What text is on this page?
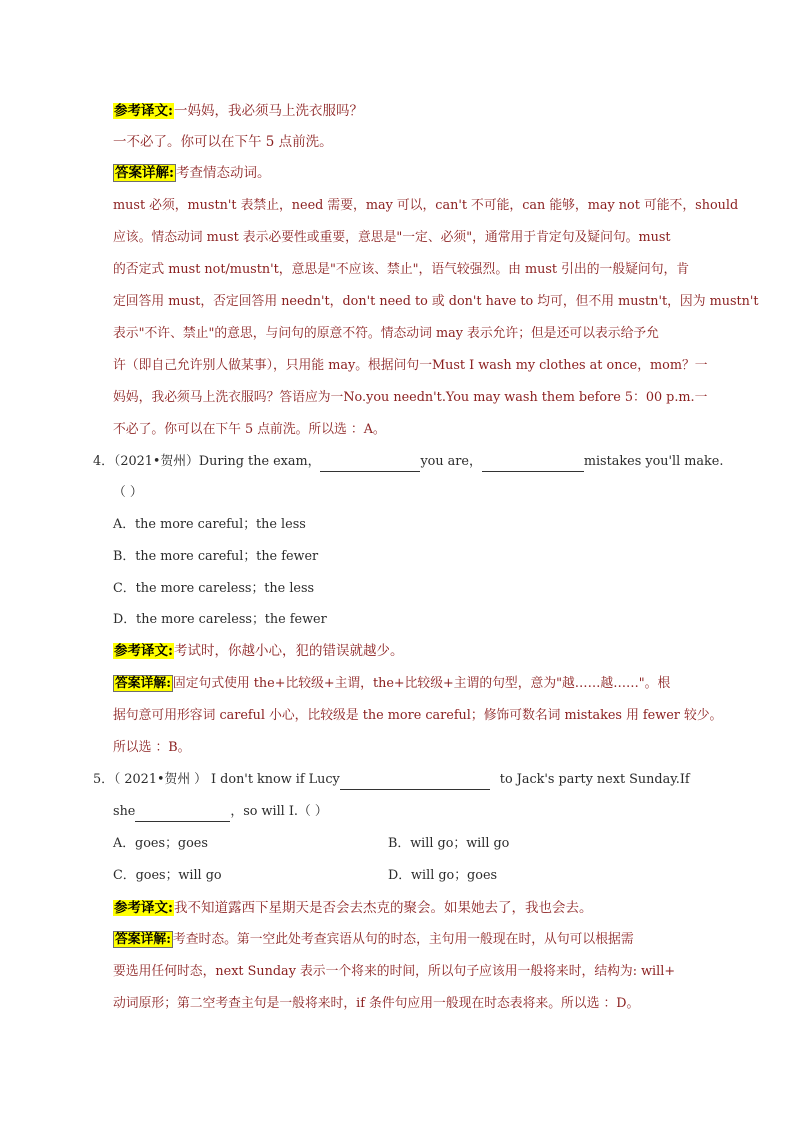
参考译文:一妈妈，我必须马上洗衣服吗？
一不必了。你可以在下午 5 点前洗。
答案详解: 考查情态动词。
must 必须，mustn't 表禁止，need 需要，may 可以，can't 不可能，can 能够，may not 可能不，should
应该。情态动词 must 表示必要性或重要，意思是"一定、必须"，通常用于肯定句及疑问句。must
的否定式 must not/mustn't，意思是"不应该、禁止"，语气较强烈。由 must 引出的一般疑问句，肯
定回答用 must，否定回答用 needn't，don't need to 或 don't have to 均可，但不用 mustn't，因为 mustn't
表示"不许、禁止"的意思，与问句的原意不符。情态动词 may 表示允许；但是还可以表示给予允
许（即自己允许别人做某事），只用能 may。根据问句一Must I wash my clothes at once，mom？一
妈妈，我必须马上洗衣服吗？答语应为一No.you needn't.You may wash them before 5：00 p.m.一
不必了。你可以在下午 5 点前洗。所以选 ：A。
4．（2021•贺州）During the exam，	you are，	mistakes you'll make.
（ ）
A．the more careful；the less
B．the more careful；the fewer
C．the more careless；the less
D．the more careless；the fewer
参考译文:考试时，你越小心，犯的错误就越少。
答案详解: 固定句式使用 the+比较级+主谓，the+比较级+主谓的句型，意为"越……越……"。根
据句意可用形容词 careful 小心，比较级是 the more careful；修饰可数名词 mistakes 用 fewer 较少。
所以选 ：B。
5．（ 2021•贺州 ） I don't know if Lucy	to Jack's party next Sunday.If
she	，so will I.（ ）
A．goes；goes	B．will go；will go
C．goes；will go	D．will go；goes
参考译文:我不知道露西下星期天是否会去杰克的聚会。如果她去了，我也会去。
答案详解: 考查时态。第一空此处考查宾语从句的时态，主句用一般现在时，从句可以根据需
要选用任何时态，next Sunday 表示一个将来的时间，所以句子应该用一般将来时，结构为: will+
动词原形；第二空考查主句是一般将来时，if 条件句应用一般现在时态表将来。所以选 ：D。
